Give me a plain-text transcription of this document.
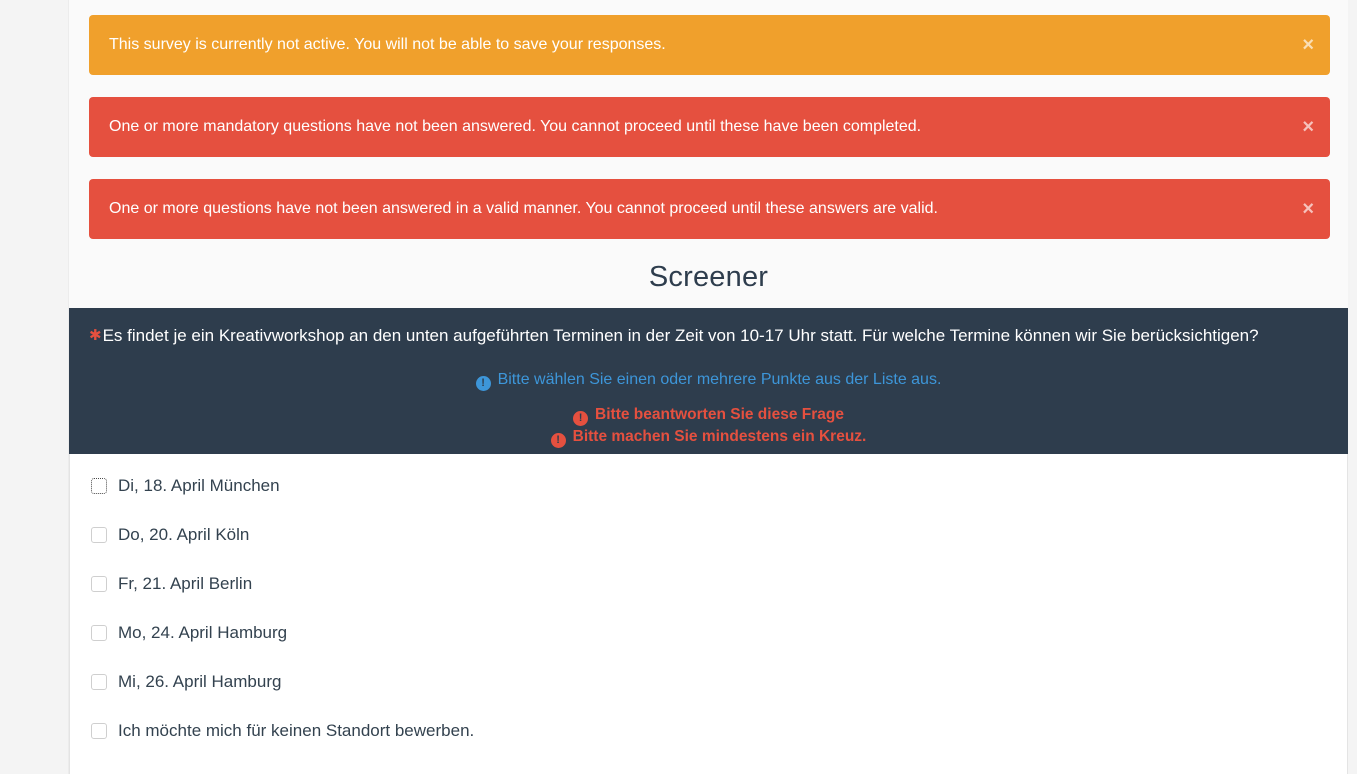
This survey is currently not active. You will not be able to save your responses.	×
One or more mandatory questions have not been answered. You cannot proceed until these have been completed.	×
One or more questions have not been answered in a valid manner. You cannot proceed until these answers are valid.	×
Screener
✱Es findet je ein Kreativworkshop an den unten aufgeführten Terminen in der Zeit von 10-17 Uhr statt. Für welche Termine können wir Sie berücksichtigen?
! Bitte wählen Sie einen oder mehrere Punkte aus der Liste aus.
! Bitte beantworten Sie diese Frage
! Bitte machen Sie mindestens ein Kreuz.
Di, 18. April München
Do, 20. April Köln
Fr, 21. April Berlin
Mo, 24. April Hamburg
Mi, 26. April Hamburg
Ich möchte mich für keinen Standort bewerben.
